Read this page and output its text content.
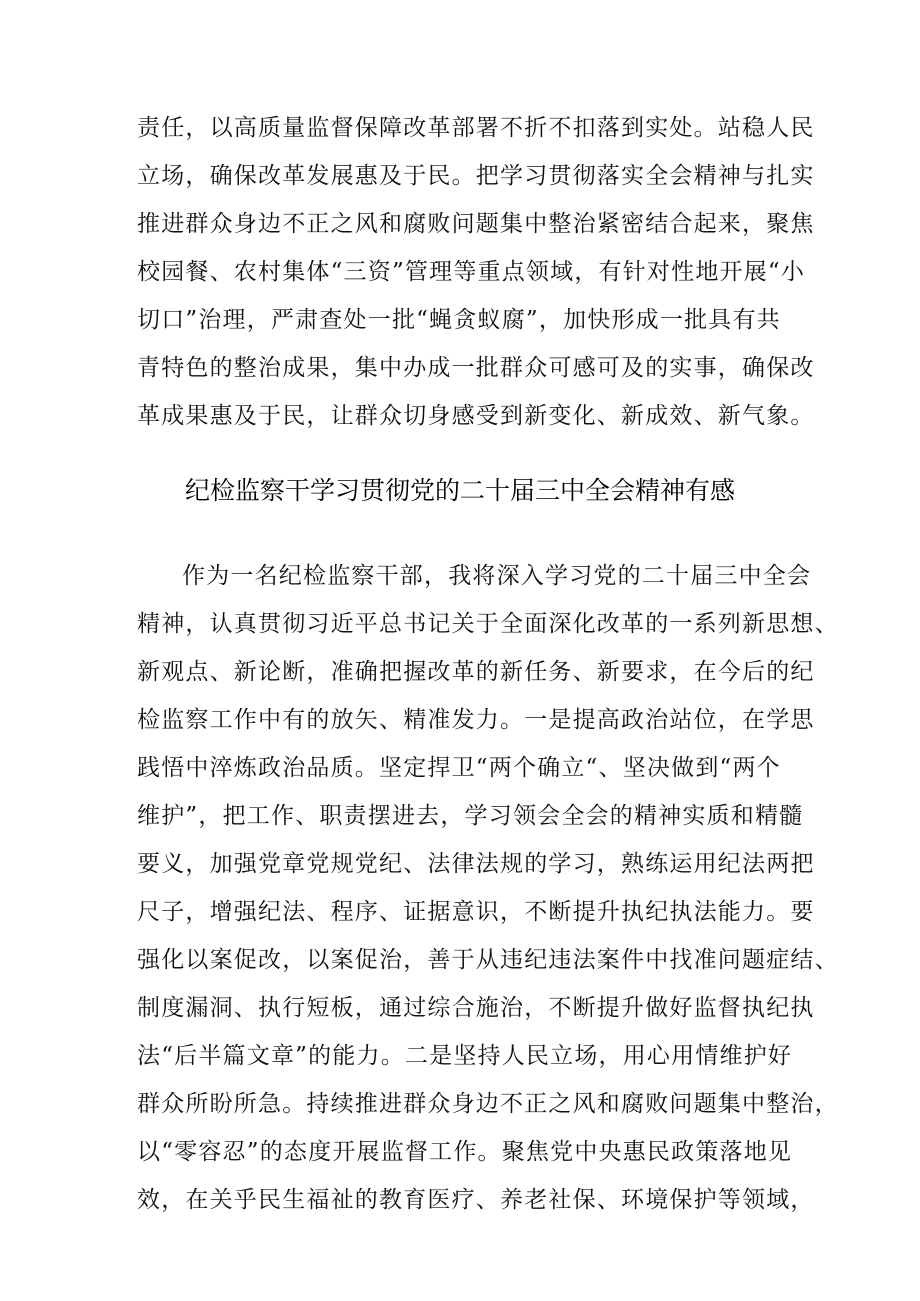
责任，以高质量监督保障改革部署不折不扣落到实处。站稳人民
立场，确保改革发展惠及于民。把学习贯彻落实全会精神与扎实
推进群众身边不正之风和腐败问题集中整治紧密结合起来，聚焦
校园餐、农村集体“三资”管理等重点领域，有针对性地开展“小
切口”治理，严肃查处一批“蝇贪蚁腐”，加快形成一批具有共
青特色的整治成果，集中办成一批群众可感可及的实事，确保改
革成果惠及于民，让群众切身感受到新变化、新成效、新气象。
纪检监察干学习贯彻党的二十届三中全会精神有感
作为一名纪检监察干部，我将深入学习党的二十届三中全会
精神，认真贯彻习近平总书记关于全面深化改革的一系列新思想、
新观点、新论断，准确把握改革的新任务、新要求，在今后的纪
检监察工作中有的放矢、精准发力。一是提高政治站位，在学思
践悟中淬炼政治品质。坚定捍卫“两个确立“、坚决做到“两个
维护”，把工作、职责摆进去，学习领会全会的精神实质和精髓
要义，加强党章党规党纪、法律法规的学习，熟练运用纪法两把
尺子，增强纪法、程序、证据意识，不断提升执纪执法能力。要
强化以案促改，以案促治，善于从违纪违法案件中找准问题症结、
制度漏洞、执行短板，通过综合施治，不断提升做好监督执纪执
法“后半篇文章”的能力。二是坚持人民立场，用心用情维护好
群众所盼所急。持续推进群众身边不正之风和腐败问题集中整治，
以“零容忍”的态度开展监督工作。聚焦党中央惠民政策落地见
效，在关乎民生福祉的教育医疗、养老社保、环境保护等领域，
